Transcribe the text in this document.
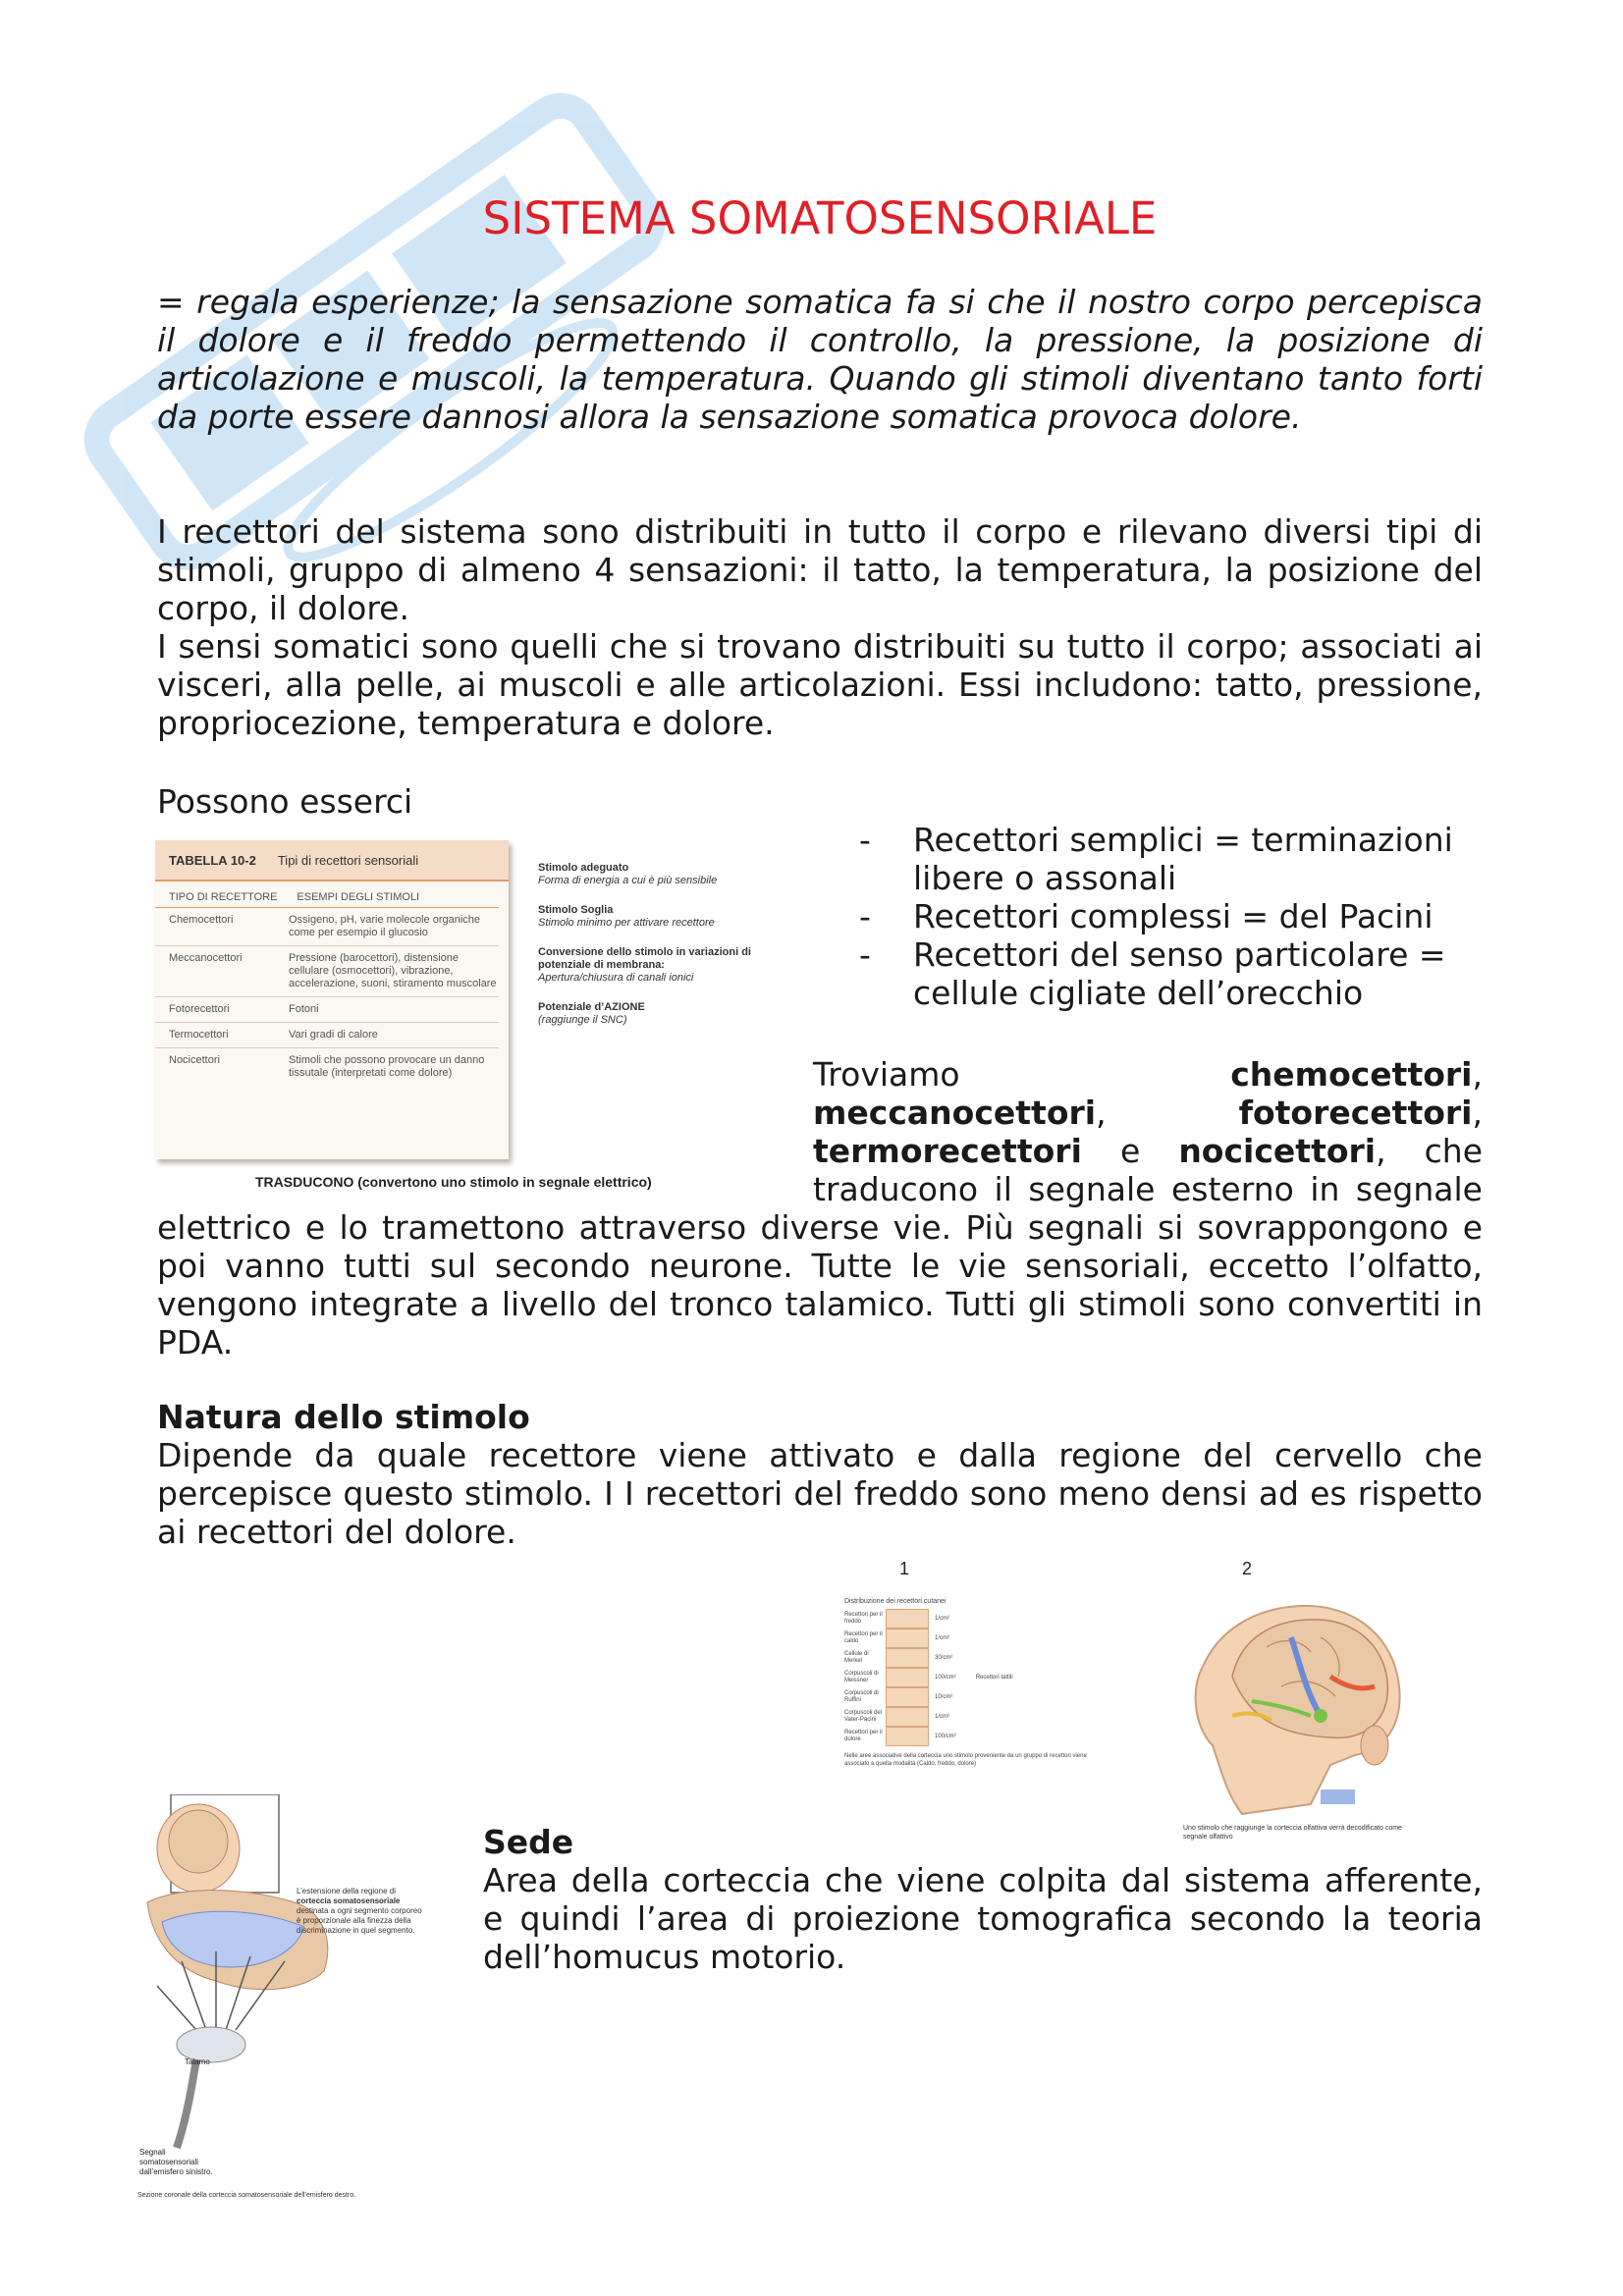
SISTEMA SOMATOSENSORIALE

= regala esperienze; la sensazione somatica fa si che il nostro corpo percepisca il dolore e il freddo permettendo il controllo, la pressione, la posizione di articolazione e muscoli, la temperatura. Quando gli stimoli diventano tanto forti da porte essere dannosi allora la sensazione somatica provoca dolore.

I recettori del sistema sono distribuiti in tutto il corpo e rilevano diversi tipi di stimoli, gruppo di almeno 4 sensazioni: il tatto, la temperatura, la posizione del corpo, il dolore.

I sensi somatici sono quelli che si trovano distribuiti su tutto il corpo; associati ai visceri, alla pelle, ai muscoli e alle articolazioni. Essi includono: tatto, pressione, propriocezione, temperatura e dolore.

Possono esserci

TABELLA 10-2 Tipi di recettori sensoriali
TIPO DI RECETTORE ESEMPI DEGLI STIMOLI
Chemocettori	Ossigeno, pH, varie molecole organiche come per esempio il glucosio
Meccanocettori	Pressione (barocettori), distensione cellulare (osmocettori), vibrazione, accelerazione, suoni, stiramento muscolare
Fotorecettori	Fotoni
Termocettori	Vari gradi di calore
Nocicettori	Stimoli che possono provocare un danno tissutale (interpretati come dolore)
Stimolo adeguato
Forma di energia a cui è più sensibile
Stimolo Soglia
Stimolo minimo per attivare recettore
Conversione dello stimolo in variazioni di potenziale di membrana:
Apertura/chiusura di canali ionici
Potenziale d’AZIONE
(raggiunge il SNC)
TRASDUCONO (convertono uno stimolo in segnale elettrico)
- Recettori semplici = terminazioni libere o assonali
- Recettori complessi = del Pacini
- Recettori del senso particolare = cellule cigliate dell’orecchio

Troviamo	chemocettori, meccanocettori, fotorecettori, termorecettori e nocicettori, che traducono il segnale esterno in segnale

elettrico e lo tramettono attraverso diverse vie. Più segnali si sovrappongono e poi vanno tutti sul secondo neurone. Tutte le vie sensoriali, eccetto l’olfatto, vengono integrate a livello del tronco talamico. Tutti gli stimoli sono convertiti in PDA.

Natura dello stimolo

Dipende da quale recettore viene attivato e dalla regione del cervello che percepisce questo stimolo. I I recettori del freddo sono meno densi ad es rispetto ai recettori del dolore.

1
Distribuzione dei recettori cutanei
Recettori per il freddo	1/cm²
Recettori per il caldo	1/cm²
Cellule di Merkel	30/cm²
Corpuscoli di Meissner	100/cm²	Recettori tattili
Corpuscoli di Ruffini	10/cm²
Corpuscoli del Vater-Pacini	1/cm²
Recettori per il dolore	100/cm²
Nelle aree associative della corteccia uno stimolo proveniente da un gruppo di recettori viene associato a quella modalità (Caldo, freddo, dolore)
2
Uno stimolo che raggiunge la corteccia olfattiva verrà decodificato come segnale olfattivo
L’estensione della regione di corteccia somatosensoriale destinata a ogni segmento corporeo è proporzionale alla finezza della discriminazione in quel segmento.
Talamo
Segnali somatosensoriali dall’emisfero sinistro.
Sezione coronale della corteccia somatosensoriale dell’emisfero destro.

Sede

Area della corteccia che viene colpita dal sistema afferente, e quindi l’area di proiezione tomografica secondo la teoria dell’homucus motorio.
